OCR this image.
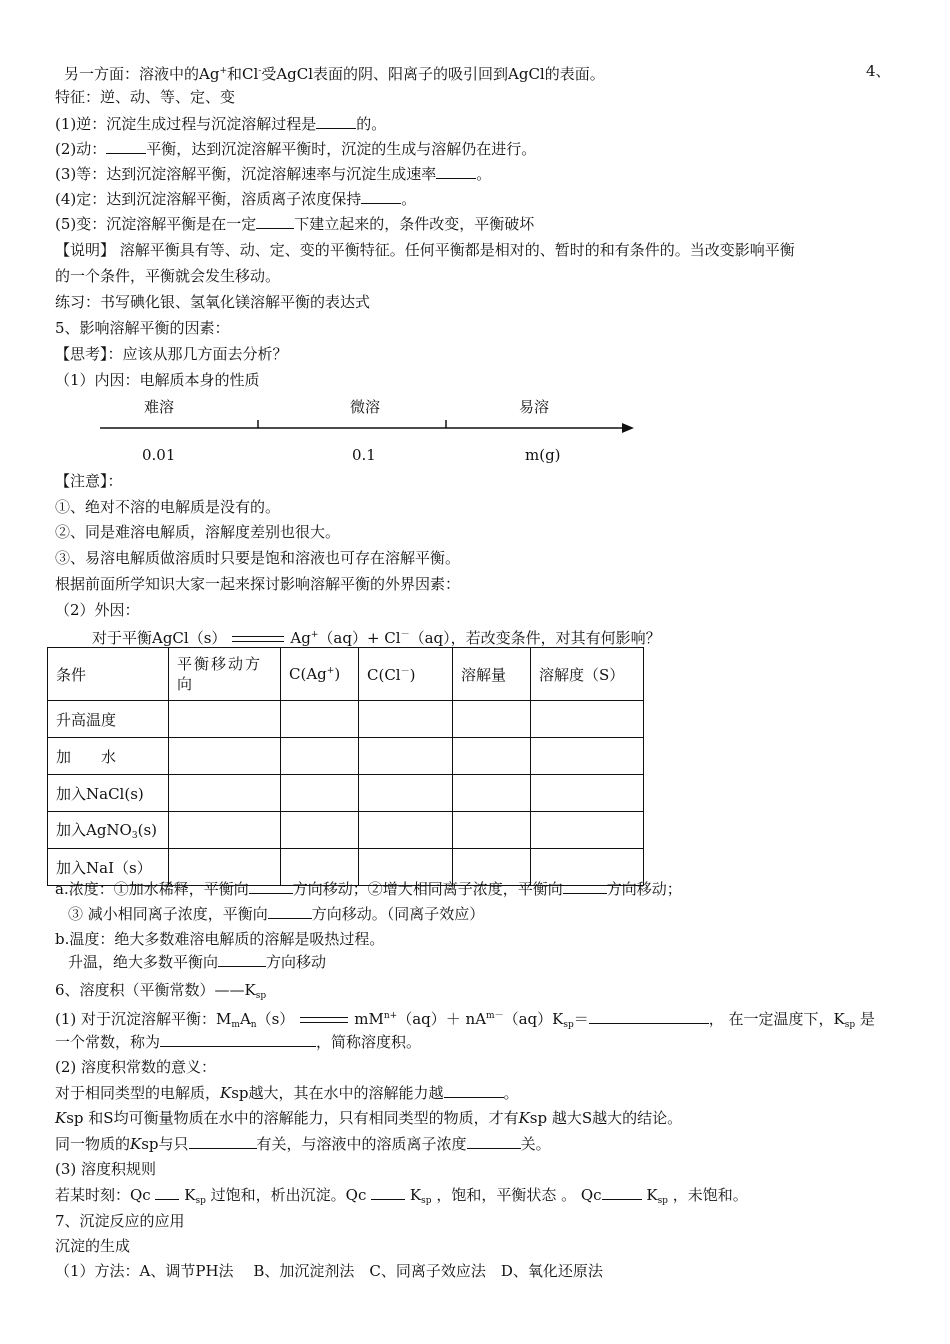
另一方面：溶液中的Ag+和Cl-受AgCl表面的阴、阳离子的吸引回到AgCl的表面。	4、
特征：逆、动、等、定、变
(1)逆：沉淀生成过程与沉淀溶解过程是	的。
(2)动：	平衡，达到沉淀溶解平衡时，沉淀的生成与溶解仍在进行。
(3)等：达到沉淀溶解平衡，沉淀溶解速率与沉淀生成速率	。
(4)定：达到沉淀溶解平衡，溶质离子浓度保持	。
(5)变：沉淀溶解平衡是在一定	下建立起来的，条件改变，平衡破坏
【说明】 溶解平衡具有等、动、定、变的平衡特征。任何平衡都是相对的、暂时的和有条件的。当改变影响平衡
的一个条件，平衡就会发生移动。
练习：书写碘化银、氢氧化镁溶解平衡的表达式
5、影响溶解平衡的因素：
【思考】：应该从那几方面去分析？
（1）内因：电解质本身的性质
难溶	微溶	易溶
0.01	0.1	m(g)
【注意】：
①、绝对不溶的电解质是没有的。
②、同是难溶电解质，溶解度差别也很大。
③、易溶电解质做溶质时只要是饱和溶液也可存在溶解平衡。
根据前面所学知识大家一起来探讨影响溶解平衡的外界因素：
（2）外因：
对于平衡AgCl（s）	Ag+（aq）+ Cl－（aq），若改变条件，对其有何影响？
条件	平衡移动方向	C(Ag+)	C(Cl－)	溶解量	溶解度（S）
升高温度					
加　　水					
加入NaCl(s)					
加入AgNO$_3$(s)					
加入NaI（s）					
a.浓度：①加水稀释，平衡向	方向移动；②增大相同离子浓度，平衡向	方向移动；
③ 减小相同离子浓度，平衡向	方向移动。（同离子效应）
b.温度：绝大多数难溶电解质的溶解是吸热过程。
升温，绝大多数平衡向	方向移动
6、溶度积（平衡常数）$——K_{sp}$
(1) 对于沉淀溶解平衡：$M_mA_n(s)$	$mM^{n+}(aq)+ nA^{m-}(aq)K_{sp}=$	， 在一定温度下，$K_{sp}$ 是
一个常数，称为	，简称溶度积。
(2) 溶度积常数的意义：
对于相同类型的电解质，Ksp越大，其在水中的溶解能力越	。
Ksp 和S均可衡量物质在水中的溶解能力，只有相同类型的物质，才有Ksp 越大S越大的结论。
同一物质的Ksp与只	有关，与溶液中的溶质离子浓度	关。
(3) 溶度积规则
若某时刻：Qc $K_{sp}$ 过饱和，析出沉淀。Qc	$K_{sp}$ ，饱和，平衡状态 。 Qc	$K_{sp}$ ，未饱和。
7、沉淀反应的应用
沉淀的生成
（1）方法：A、调节PH法　 B、加沉淀剂法　C、同离子效应法　D、氧化还原法
